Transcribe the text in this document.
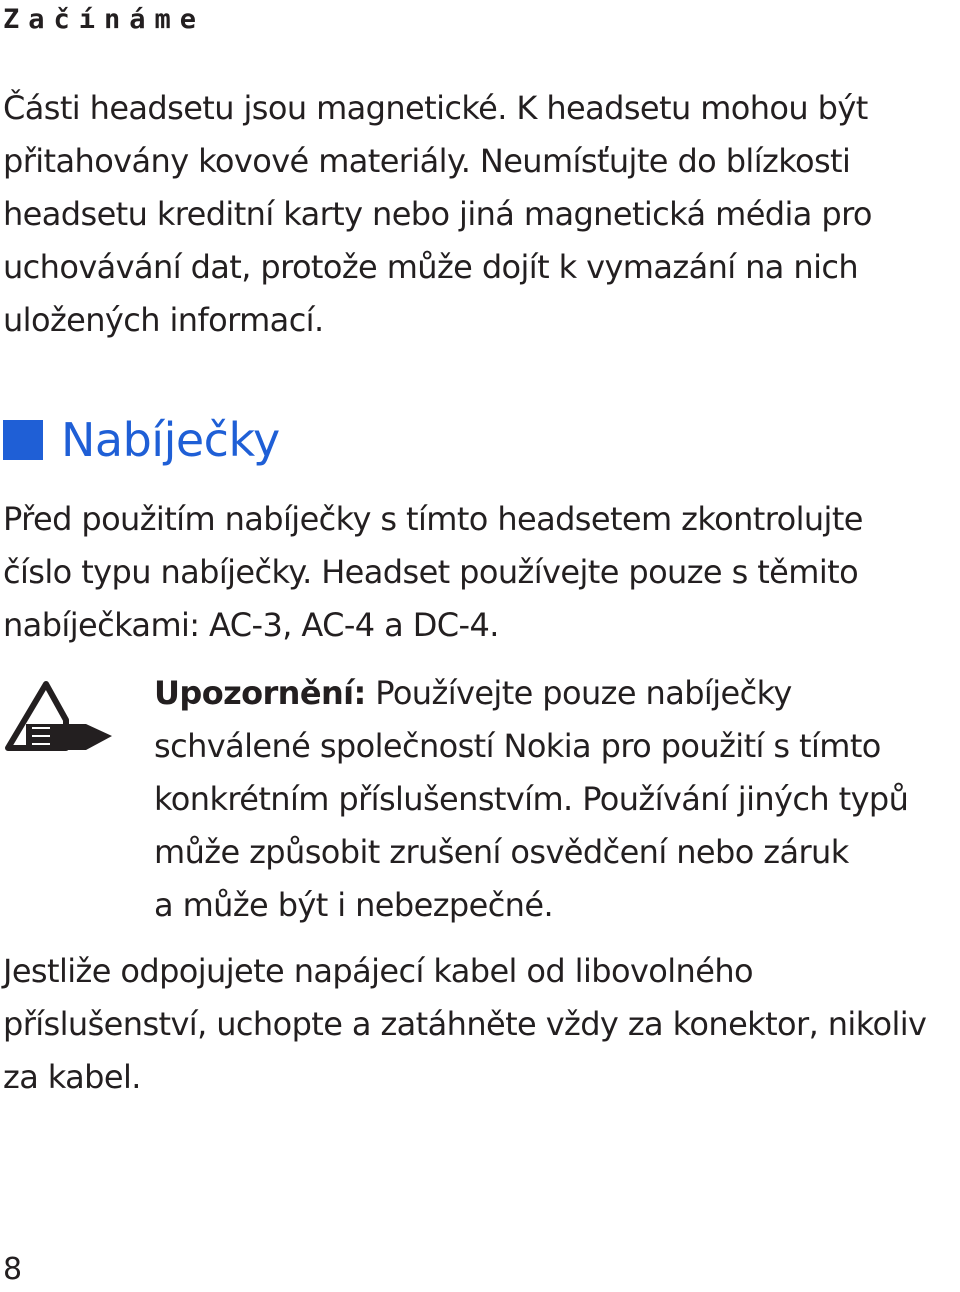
Začínáme

Části headsetu jsou magnetické. K headsetu mohou být
přitahovány kovové materiály. Neumísťujte do blízkosti
headsetu kreditní karty nebo jiná magnetická média pro
uchovávání dat, protože může dojít k vymazání na nich
uložených informací.

Nabíječky

Před použitím nabíječky s tímto headsetem zkontrolujte
číslo typu nabíječky. Headset používejte pouze s těmito
nabíječkami: AC-3, AC-4 a DC-4.

Upozornění: Používejte pouze nabíječky
schválené společností Nokia pro použití s tímto
konkrétním příslušenstvím. Používání jiných typů
může způsobit zrušení osvědčení nebo záruk
a může být i nebezpečné.

Jestliže odpojujete napájecí kabel od libovolného
příslušenství, uchopte a zatáhněte vždy za konektor, nikoliv
za kabel.

8
